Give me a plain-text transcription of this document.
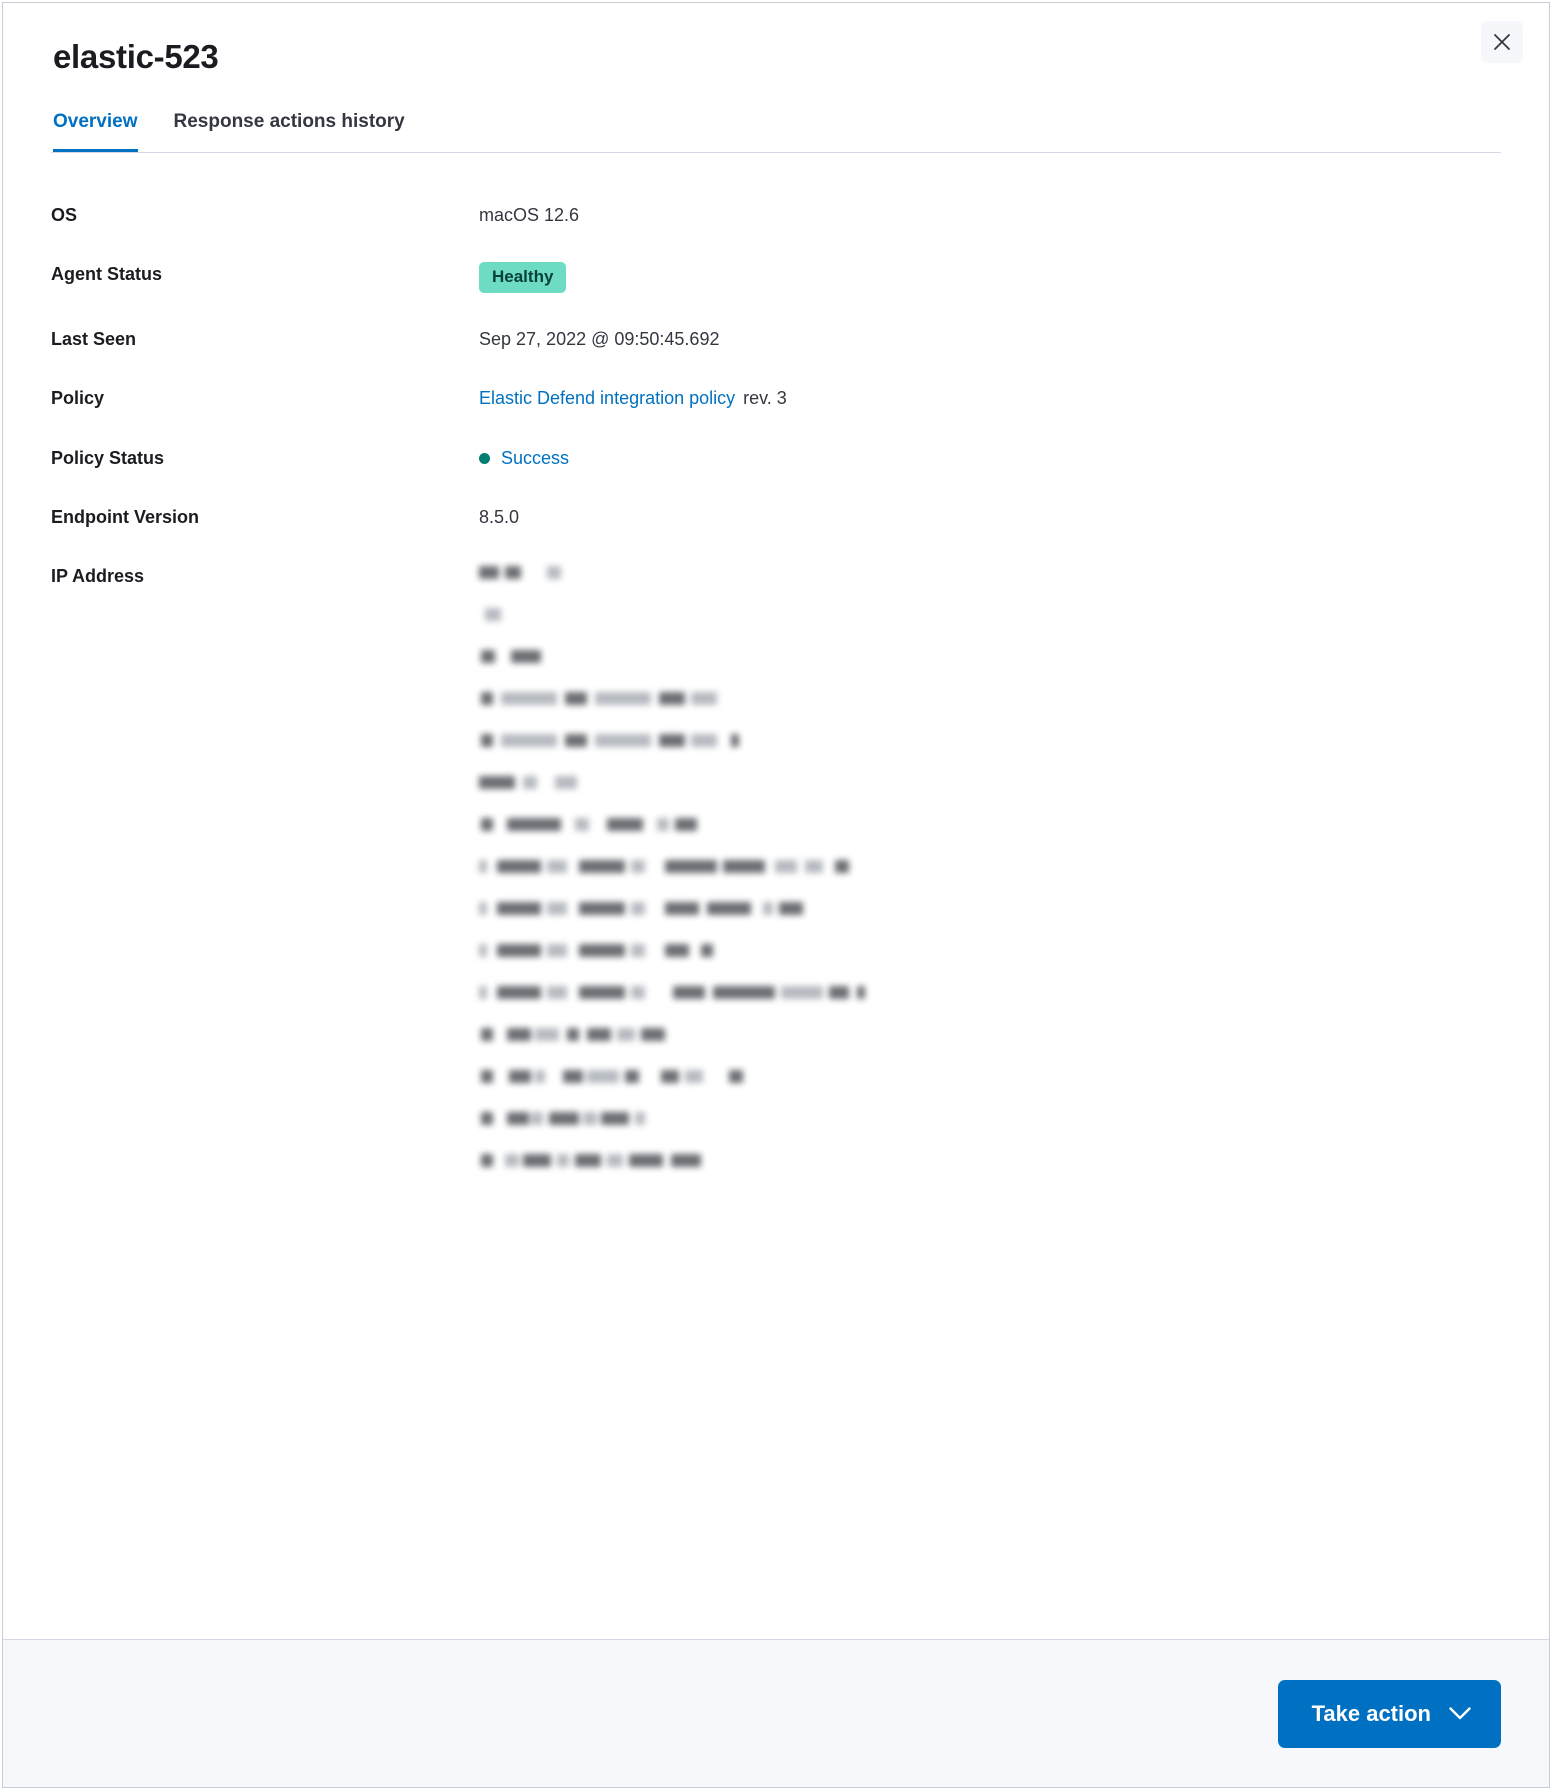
elastic-523
Overview Response actions history
OS	macOS 12.6
Agent Status	Healthy
Last Seen	Sep 27, 2022 @ 09:50:45.692
Policy	Elastic Defend integration policy rev. 3
Policy Status	Success
Endpoint Version	8.5.0
IP Address
Take action
